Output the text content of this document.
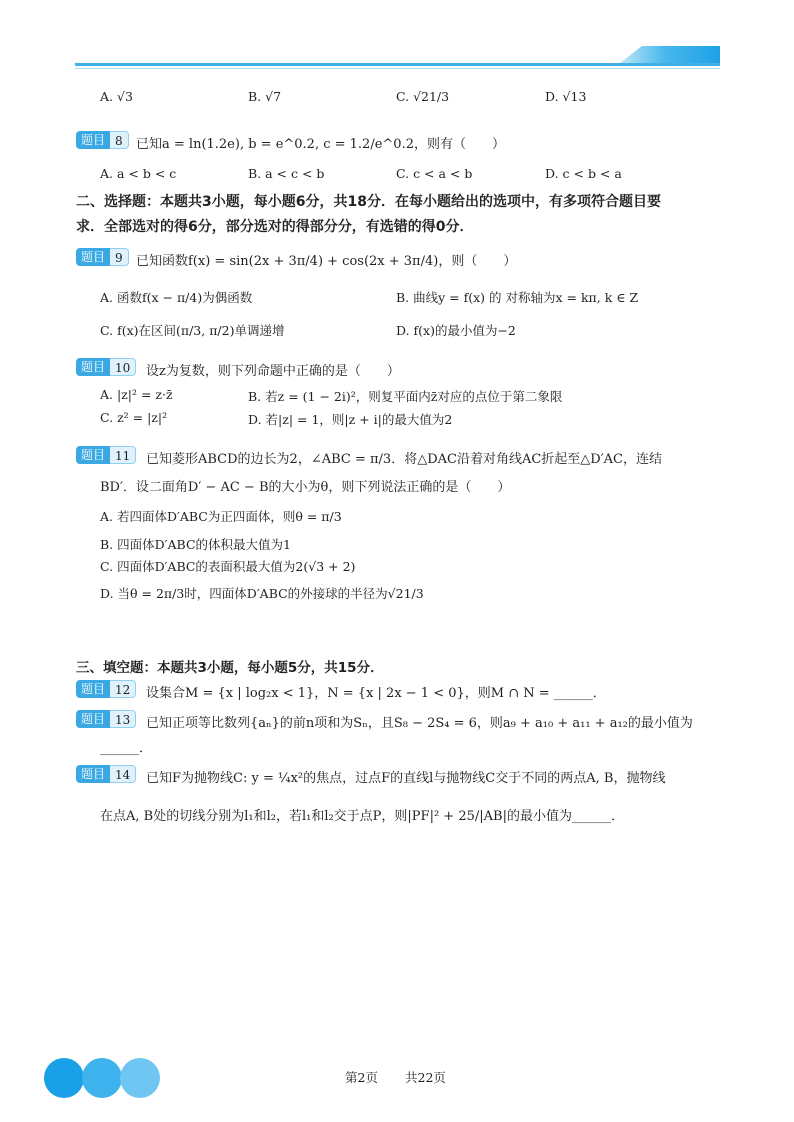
A. √3	B. √7	C. √21/3	D. √13
题目 8	已知a = ln(1.2e), b = e^0.2, c = 1.2/e^0.2，则有（　　）
A. a < b < c	B. a < c < b	C. c < a < b	D. c < b < a
二、选择题：本题共3小题，每小题6分，共18分．在每小题给出的选项中，有多项符合题目要
求．全部选对的得6分，部分选对的得部分分，有选错的得0分．
题目 9	已知函数f(x) = sin(2x + 3π/4) + cos(2x + 3π/4)，则（　　）
A. 函数f(x − π/4)为偶函数	B. 曲线y = f(x) 的 对称轴为x = kπ, k ∈ Z
C. f(x)在区间(π/3, π/2)单调递增	D. f(x)的最小值为−2
题目 10	设z为复数，则下列命题中正确的是（　　）
A. |z|² = z·z̄	B. 若z = (1 − 2i)²，则复平面内z̄对应的点位于第二象限
C. z² = |z|²	D. 若|z| = 1，则|z + i|的最大值为2
题目 11	已知菱形ABCD的边长为2，∠ABC = π/3．将△DAC沿着对角线AC折起至△D′AC，连结
BD′．设二面角D′ − AC − B的大小为θ，则下列说法正确的是（　　）
A. 若四面体D′ABC为正四面体，则θ = π/3
B. 四面体D′ABC的体积最大值为1
C. 四面体D′ABC的表面积最大值为2(√3 + 2)
D. 当θ = 2π/3时，四面体D′ABC的外接球的半径为√21/3
三、填空题：本题共3小题，每小题5分，共15分．
题目 12	设集合M = {x | log₂x < 1}，N = {x | 2x − 1 < 0}，则M ∩ N = ______．
题目 13	已知正项等比数列{aₙ}的前n项和为Sₙ，且S₈ − 2S₄ = 6，则a₉ + a₁₀ + a₁₁ + a₁₂的最小值为
______．
题目 14	已知F为抛物线C: y = ¼x²的焦点，过点F的直线l与抛物线C交于不同的两点A, B，抛物线
在点A, B处的切线分别为l₁和l₂，若l₁和l₂交于点P，则|PF|² + 25/|AB|的最小值为______．
第2页 共22页
